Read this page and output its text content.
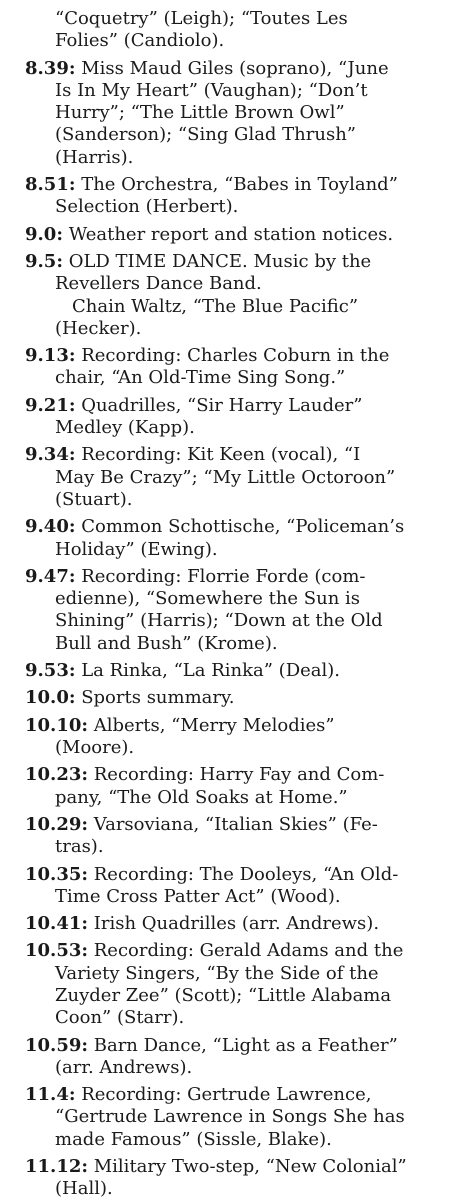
“Coquetry” (Leigh); “Toutes Les
Folies” (Candiolo).
8.39: Miss Maud Giles (soprano), “June
Is In My Heart” (Vaughan); “Don’t
Hurry”; “The Little Brown Owl”
(Sanderson); “Sing Glad Thrush”
(Harris).
8.51: The Orchestra, “Babes in Toyland”
Selection (Herbert).
9.0: Weather report and station notices.
9.5: OLD TIME DANCE. Music by the
Revellers Dance Band.
Chain Waltz, “The Blue Pacific”
(Hecker).
9.13: Recording: Charles Coburn in the
chair, “An Old-Time Sing Song.”
9.21: Quadrilles, “Sir Harry Lauder”
Medley (Kapp).
9.34: Recording: Kit Keen (vocal), “I
May Be Crazy”; “My Little Octoroon”
(Stuart).
9.40: Common Schottische, “Policeman’s
Holiday” (Ewing).
9.47: Recording: Florrie Forde (com-
edienne), “Somewhere the Sun is
Shining” (Harris); “Down at the Old
Bull and Bush” (Krome).
9.53: La Rinka, “La Rinka” (Deal).
10.0: Sports summary.
10.10: Alberts, “Merry Melodies”
(Moore).
10.23: Recording: Harry Fay and Com-
pany, “The Old Soaks at Home.”
10.29: Varsoviana, “Italian Skies” (Fe-
tras).
10.35: Recording: The Dooleys, “An Old-
Time Cross Patter Act” (Wood).
10.41: Irish Quadrilles (arr. Andrews).
10.53: Recording: Gerald Adams and the
Variety Singers, “By the Side of the
Zuyder Zee” (Scott); “Little Alabama
Coon” (Starr).
10.59: Barn Dance, “Light as a Feather”
(arr. Andrews).
11.4: Recording: Gertrude Lawrence,
“Gertrude Lawrence in Songs She has
made Famous” (Sissle, Blake).
11.12: Military Two-step, “New Colonial”
(Hall).
